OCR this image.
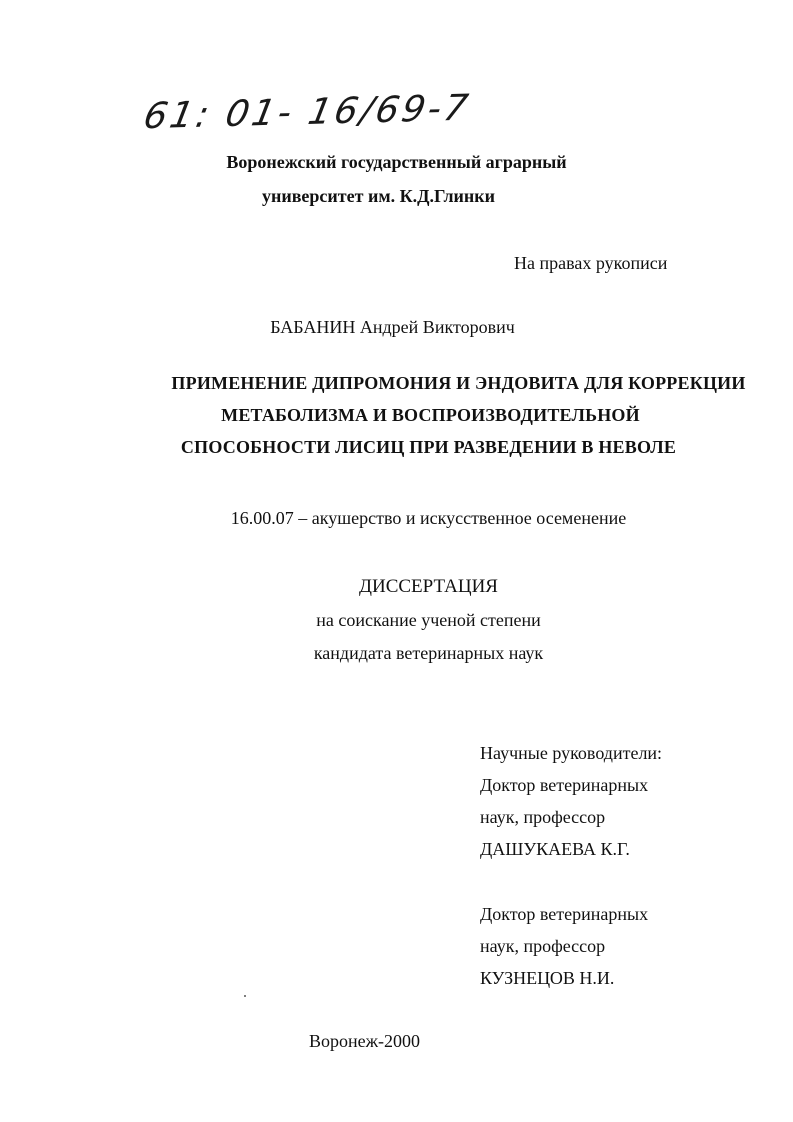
61: 01- 16/69-7
Воронежский государственный аграрный
университет им. К.Д.Глинки
На правах рукописи
БАБАНИН Андрей Викторович
ПРИМЕНЕНИЕ ДИПРОМОНИЯ И ЭНДОВИТА ДЛЯ КОРРЕКЦИИ
МЕТАБОЛИЗМА И ВОСПРОИЗВОДИТЕЛЬНОЙ
СПОСОБНОСТИ ЛИСИЦ ПРИ РАЗВЕДЕНИИ В НЕВОЛЕ
16.00.07 – акушерство и искусственное осеменение
ДИССЕРТАЦИЯ
на соискание ученой степени
кандидата ветеринарных наук
Научные руководители:
Доктор ветеринарных
наук, профессор
ДАШУКАЕВА К.Г.
Доктор ветеринарных
наук, профессор
КУЗНЕЦОВ Н.И.
Воронеж-2000
